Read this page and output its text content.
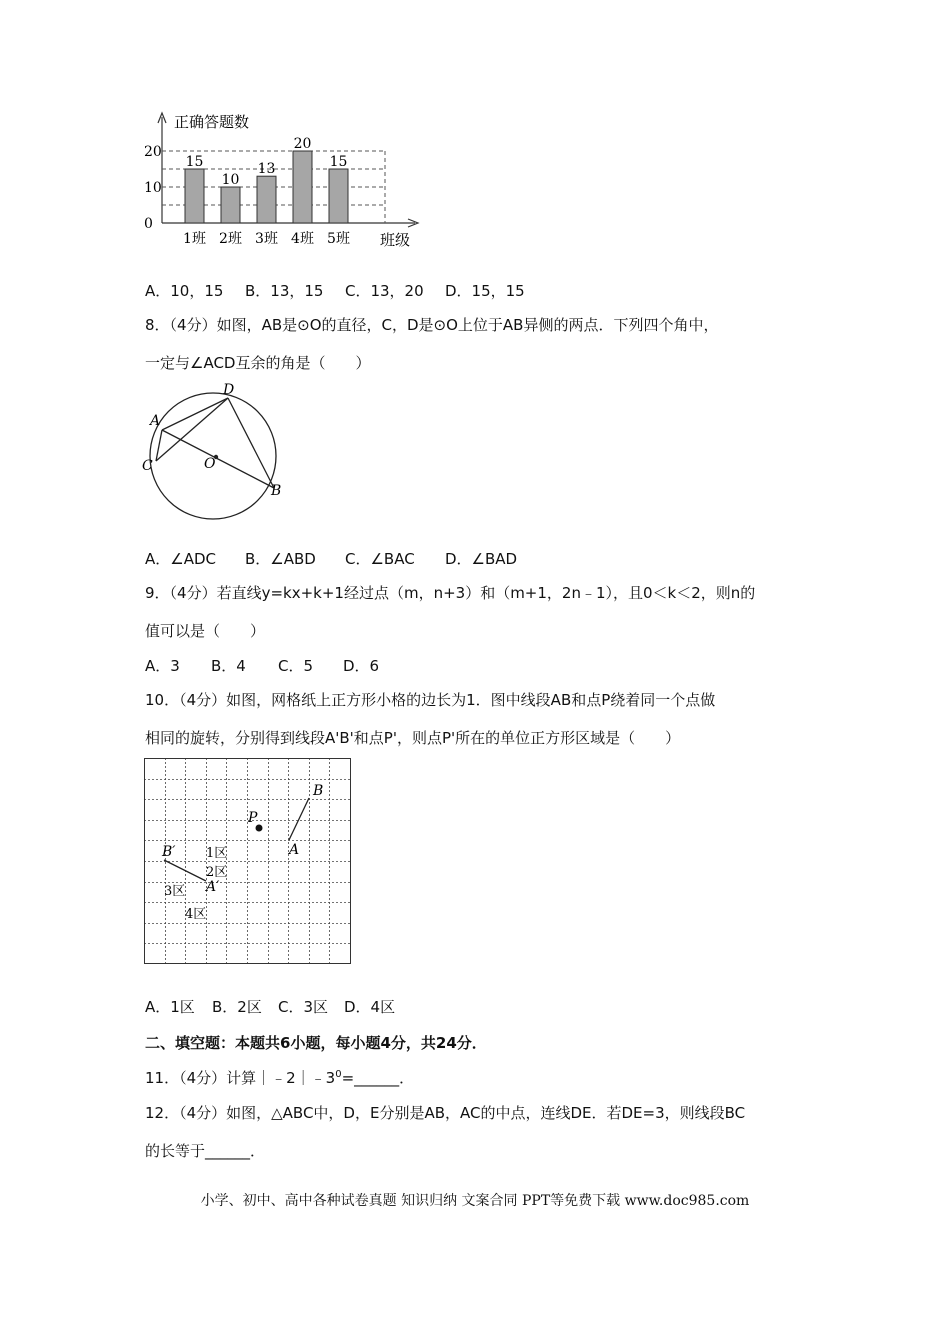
0
10
20
正确答题数
15
1班
10
2班
13
3班
20
4班
15
5班 班级
A．10，15 B．13，15 C．13，20 D．15，15
8．（4分）如图，AB是⊙O的直径，C，D是⊙O上位于AB异侧的两点．下列四个角中，
一定与∠ACD互余的角是（　　）
A
C
D
O
B
A．∠ADC B．∠ABD C．∠BAC D．∠BAD
9．（4分）若直线y=kx+k+1经过点（m，n+3）和（m+1，2n﹣1），且0＜k＜2，则n的
值可以是（　　）
A．3 B．4 C．5 D．6
10．（4分）如图，网格纸上正方形小格的边长为1．图中线段AB和点P绕着同一个点做
相同的旋转，分别得到线段A'B'和点P'，则点P'所在的单位正方形区域是（　　）
P
B
A
B′
A′
1区
2区
3区
4区
A．1区 B．2区 C．3区 D．4区
二、填空题：本题共6小题，每小题4分，共24分．
11．（4分）计算$|﹣2|﹣3^0=\_\_\_\_\_\_$．
12．（4分）如图，△ABC中，D，E分别是AB，AC的中点，连线DE．若DE=3，则线段BC
的长等于______．
小学、初中、高中各种试卷真题 知识归纳 文案合同 PPT等免费下载 www.doc985.com
